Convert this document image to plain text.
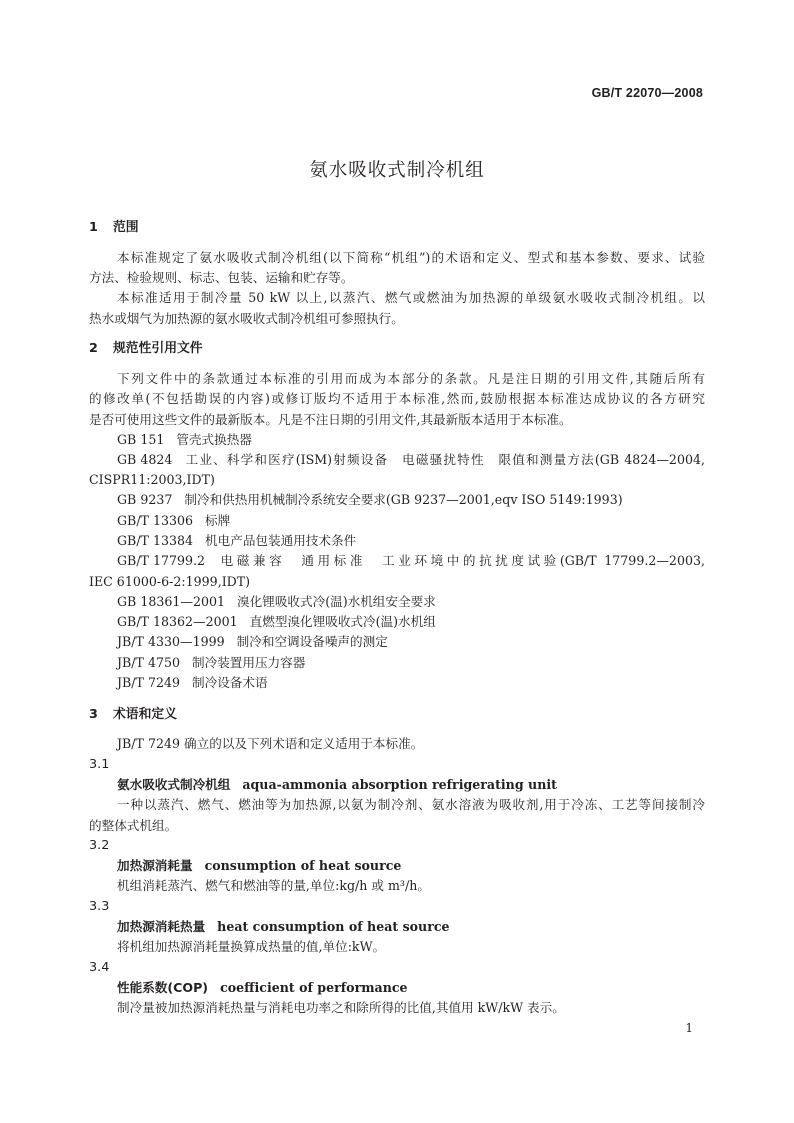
GB/T 22070—2008
氨水吸收式制冷机组
1 范围
本标准规定了氨水吸收式制冷机组(以下简称“机组”)的术语和定义、型式和基本参数、要求、试验
方法、检验规则、标志、包装、运输和贮存等。
本标准适用于制冷量 50 kW 以上,以蒸汽、燃气或燃油为加热源的单级氨水吸收式制冷机组。以
热水或烟气为加热源的氨水吸收式制冷机组可参照执行。
2 规范性引用文件
下列文件中的条款通过本标准的引用而成为本部分的条款。凡是注日期的引用文件,其随后所有
的修改单(不包括勘误的内容)或修订版均不适用于本标准,然而,鼓励根据本标准达成协议的各方研究
是否可使用这些文件的最新版本。凡是不注日期的引用文件,其最新版本适用于本标准。
GB 151 管壳式换热器
GB 4824 工业、科学和医疗(ISM)射频设备　电磁骚扰特性　限值和测量方法(GB 4824—2004,
CISPR11:2003,IDT)
GB 9237 制冷和供热用机械制冷系统安全要求(GB 9237—2001,eqv ISO 5149:1993)
GB/T 13306 标牌
GB/T 13384 机电产品包装通用技术条件
GB/T 17799.2 电磁兼容　通用标准　工业环境中的抗扰度试验(GB/T 17799.2—2003,
IEC 61000-6-2:1999,IDT)
GB 18361—2001 溴化锂吸收式冷(温)水机组安全要求
GB/T 18362—2001 直燃型溴化锂吸收式冷(温)水机组
JB/T 4330—1999 制冷和空调设备噪声的测定
JB/T 4750 制冷装置用压力容器
JB/T 7249 制冷设备术语
3 术语和定义
JB/T 7249 确立的以及下列术语和定义适用于本标准。
3.1
氨水吸收式制冷机组 aqua-ammonia absorption refrigerating unit
一种以蒸汽、燃气、燃油等为加热源,以氨为制冷剂、氨水溶液为吸收剂,用于冷冻、工艺等间接制冷
的整体式机组。
3.2
加热源消耗量 consumption of heat source
机组消耗蒸汽、燃气和燃油等的量,单位:kg/h 或 m³/h。
3.3
加热源消耗热量 heat consumption of heat source
将机组加热源消耗量换算成热量的值,单位:kW。
3.4
性能系数(COP) coefficient of performance
制冷量被加热源消耗热量与消耗电功率之和除所得的比值,其值用 kW/kW 表示。
1
